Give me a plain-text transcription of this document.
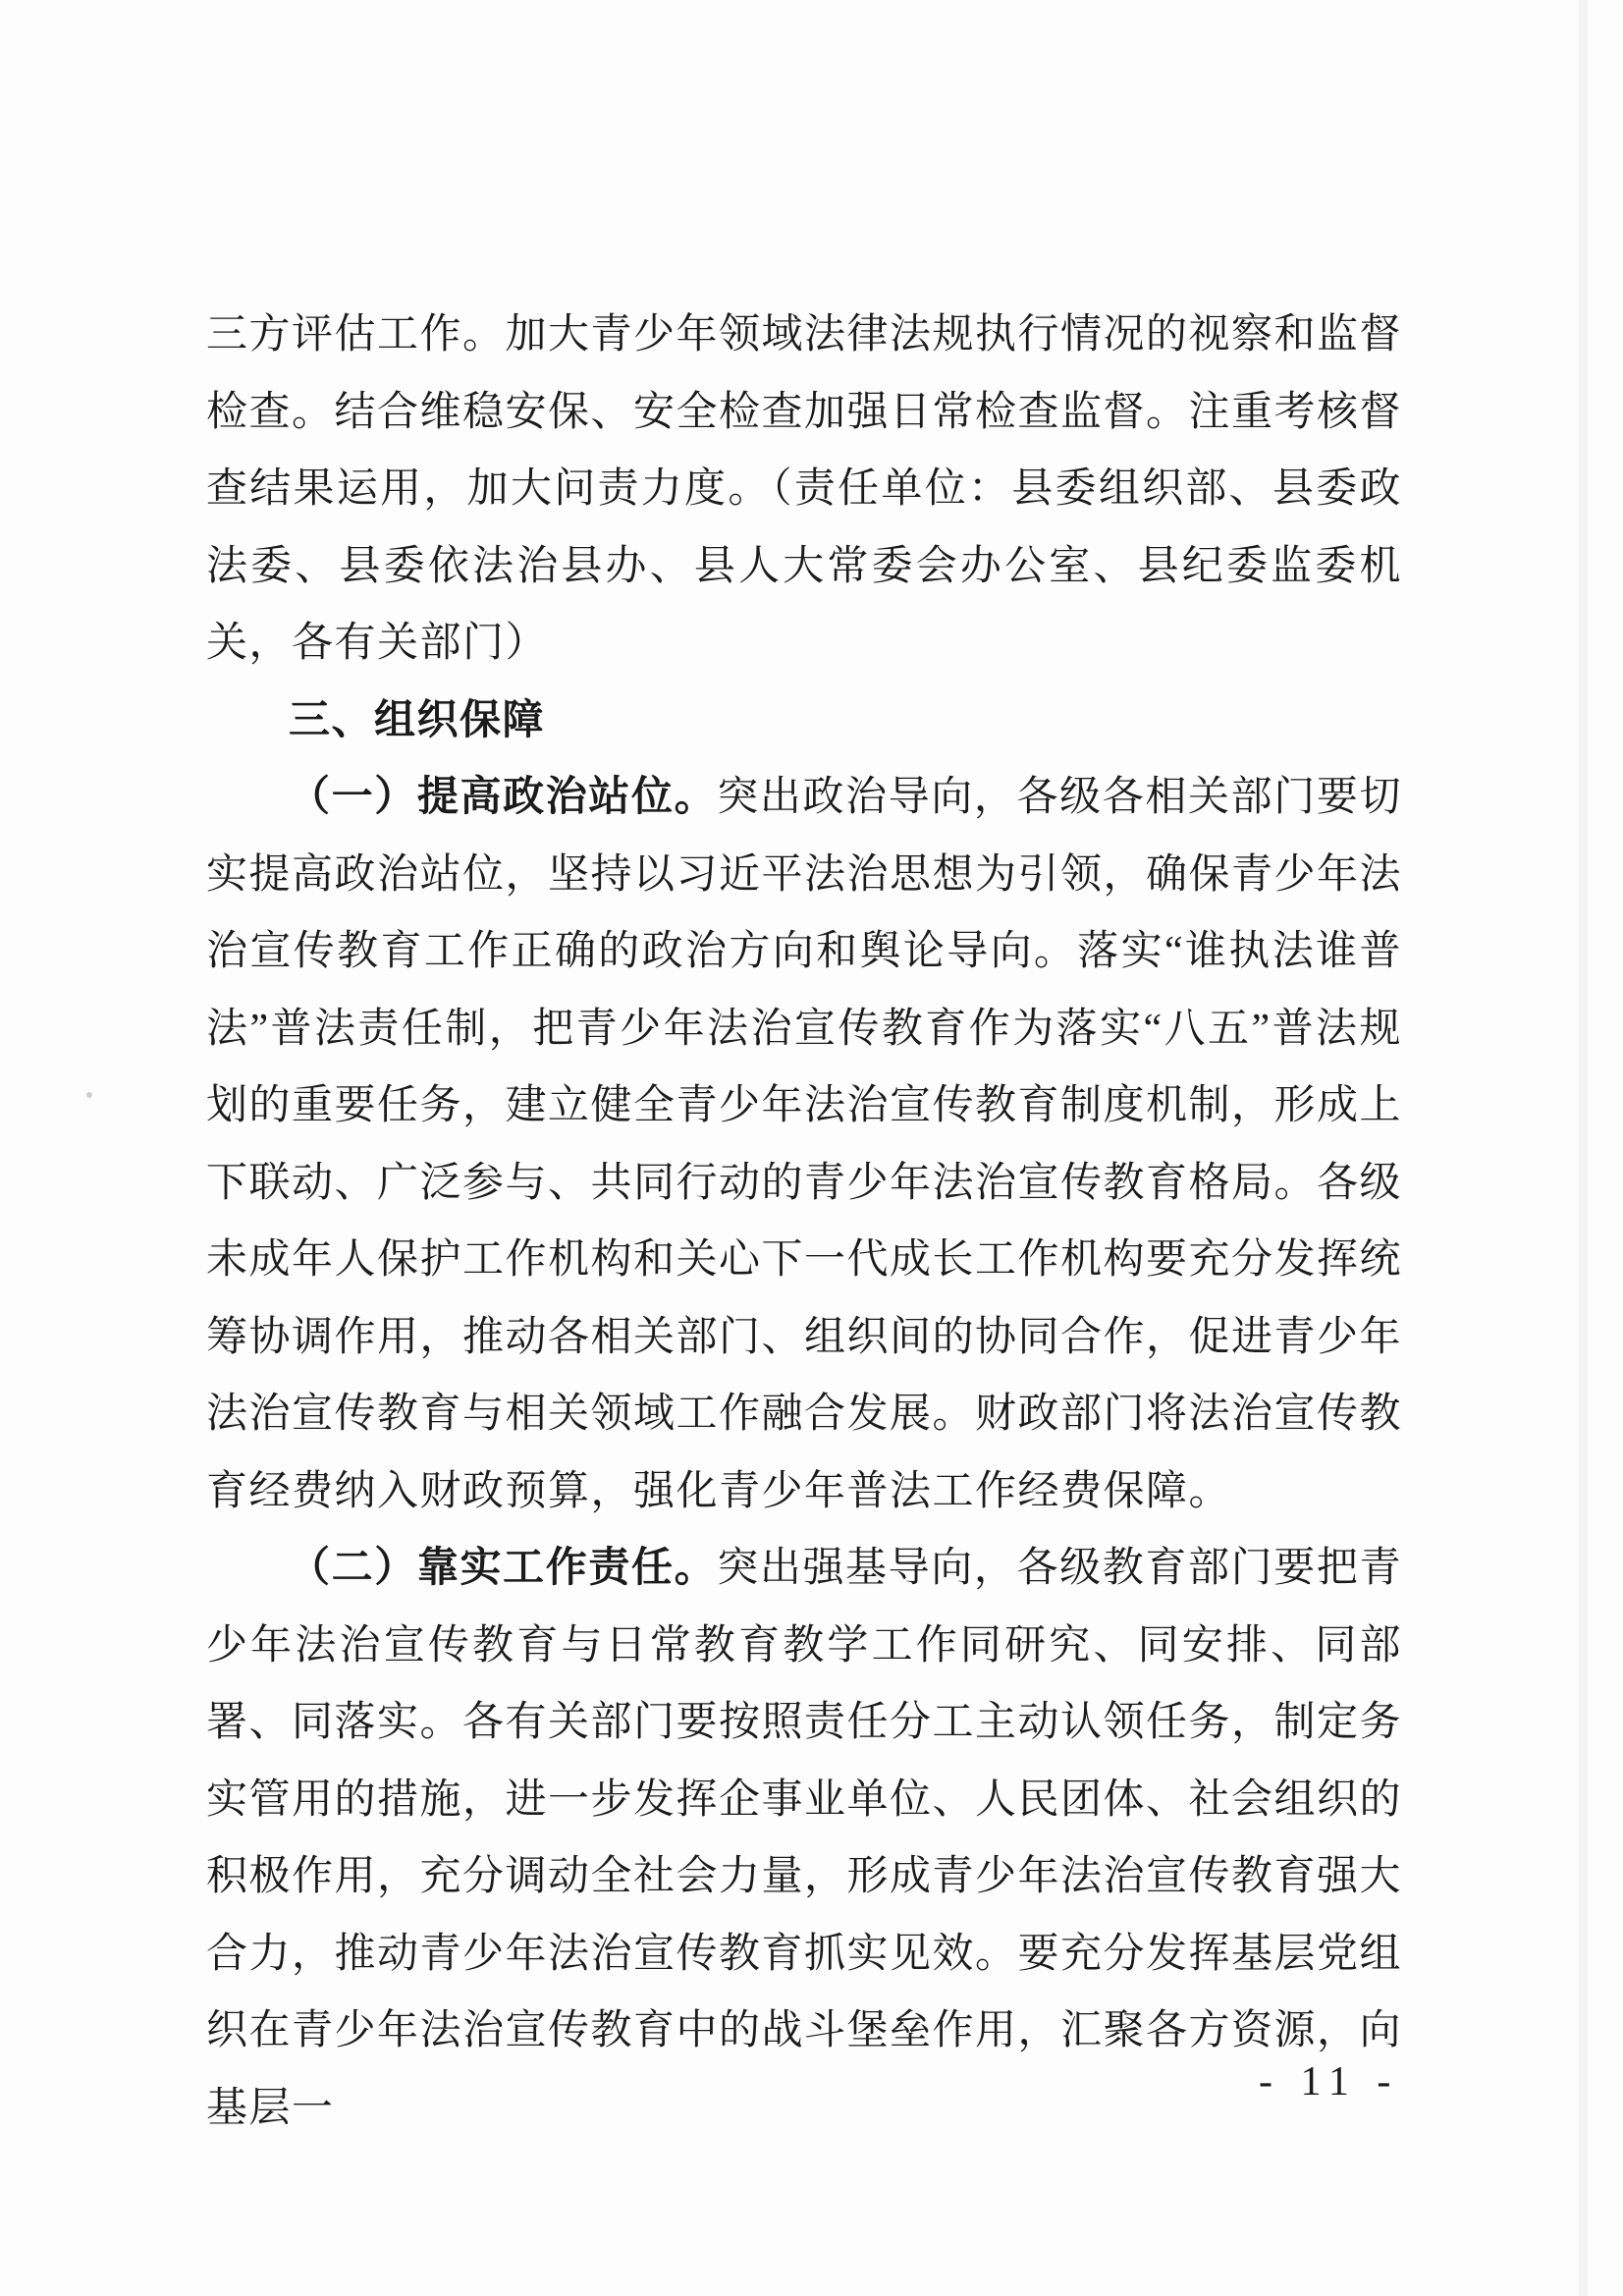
三方评估工作。加大青少年领域法律法规执行情况的视察和监督检查。结合维稳安保、安全检查加强日常检查监督。注重考核督查结果运用，加大问责力度。（责任单位：县委组织部、县委政法委、县委依法治县办、县人大常委会办公室、县纪委监委机关，各有关部门）

三、组织保障

（一）提高政治站位。突出政治导向，各级各相关部门要切实提高政治站位，坚持以习近平法治思想为引领，确保青少年法治宣传教育工作正确的政治方向和舆论导向。落实“谁执法谁普法”普法责任制，把青少年法治宣传教育作为落实“八五”普法规划的重要任务，建立健全青少年法治宣传教育制度机制，形成上下联动、广泛参与、共同行动的青少年法治宣传教育格局。各级未成年人保护工作机构和关心下一代成长工作机构要充分发挥统筹协调作用，推动各相关部门、组织间的协同合作，促进青少年法治宣传教育与相关领域工作融合发展。财政部门将法治宣传教育经费纳入财政预算，强化青少年普法工作经费保障。

（二）靠实工作责任。突出强基导向，各级教育部门要把青少年法治宣传教育与日常教育教学工作同研究、同安排、同部署、同落实。各有关部门要按照责任分工主动认领任务，制定务实管用的措施，进一步发挥企事业单位、人民团体、社会组织的积极作用，充分调动全社会力量，形成青少年法治宣传教育强大合力，推动青少年法治宣传教育抓实见效。要充分发挥基层党组织在青少年法治宣传教育中的战斗堡垒作用，汇聚各方资源，向基层一

- 11 -
